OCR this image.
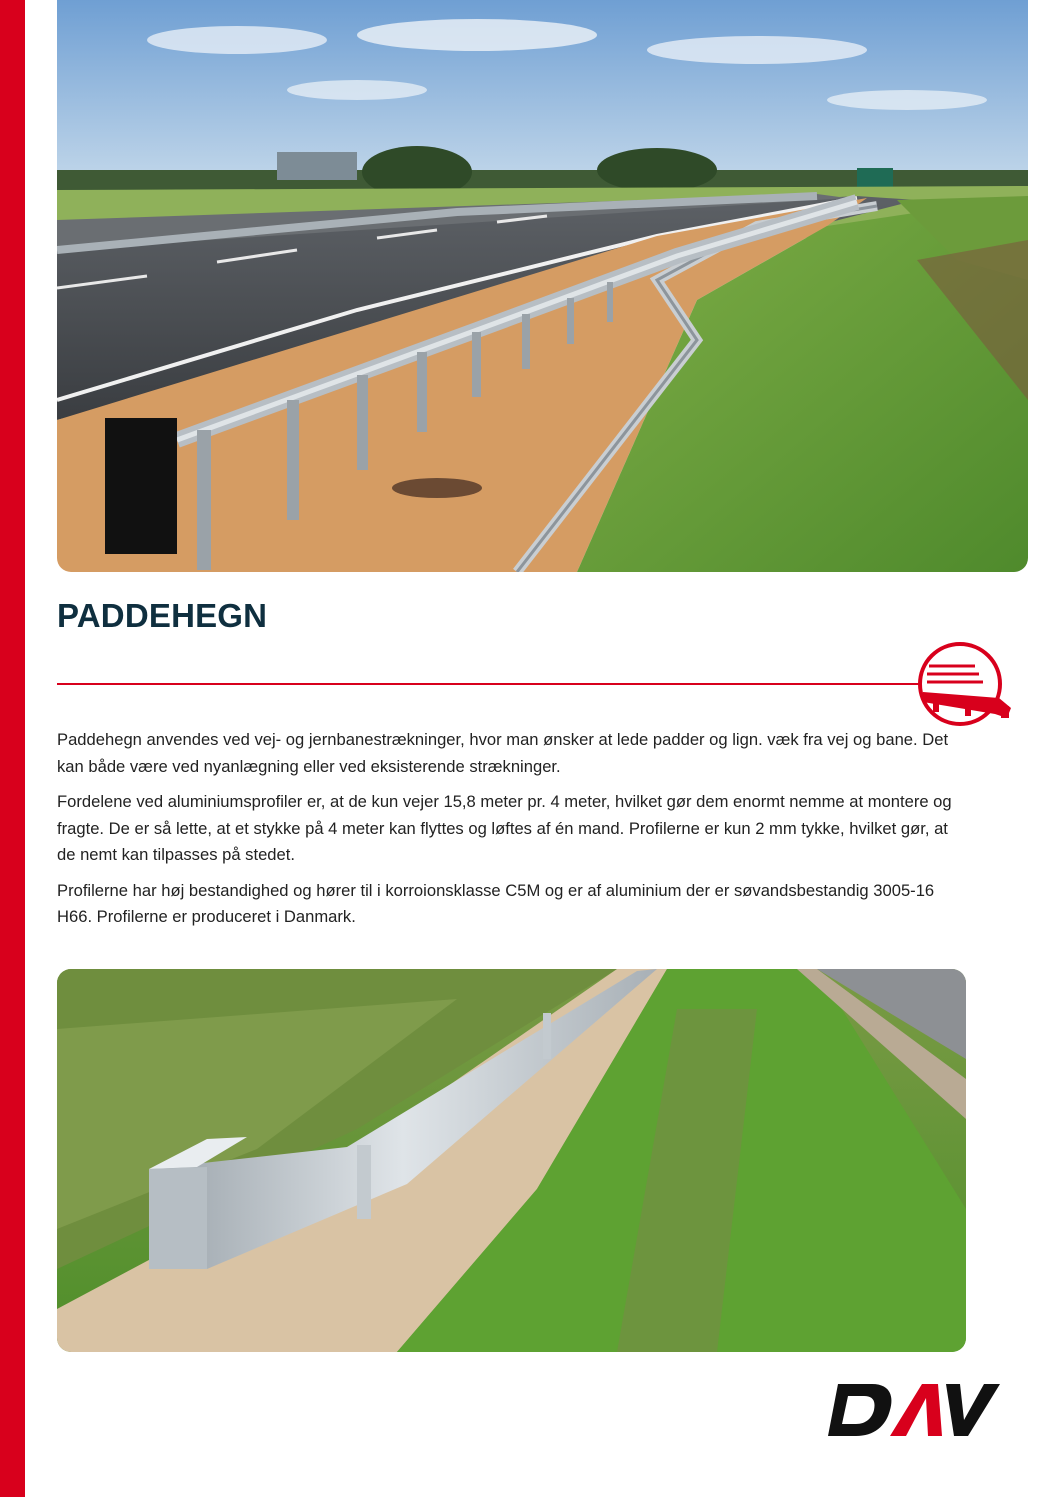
PADDEHEGN

Paddehegn anvendes ved vej- og jernbanestrækninger, hvor man ønsker at lede padder og lign. væk fra vej og bane. Det kan både være ved nyanlægning eller ved eksisterende strækninger.

Fordelene ved aluminiumsprofiler er, at de kun vejer 15,8 meter pr. 4 meter, hvilket gør dem enormt nemme at montere og fragte. De er så lette, at et stykke på 4 meter kan flyttes og løftes af én mand. Profilerne er kun 2 mm tykke, hvilket gør, at de nemt kan tilpasses på stedet.

Profilerne har høj bestandighed og hører til i korroionsklasse C5M og er af aluminium der er søvandsbestandig 3005-16 H66. Profilerne er produceret i Danmark.
